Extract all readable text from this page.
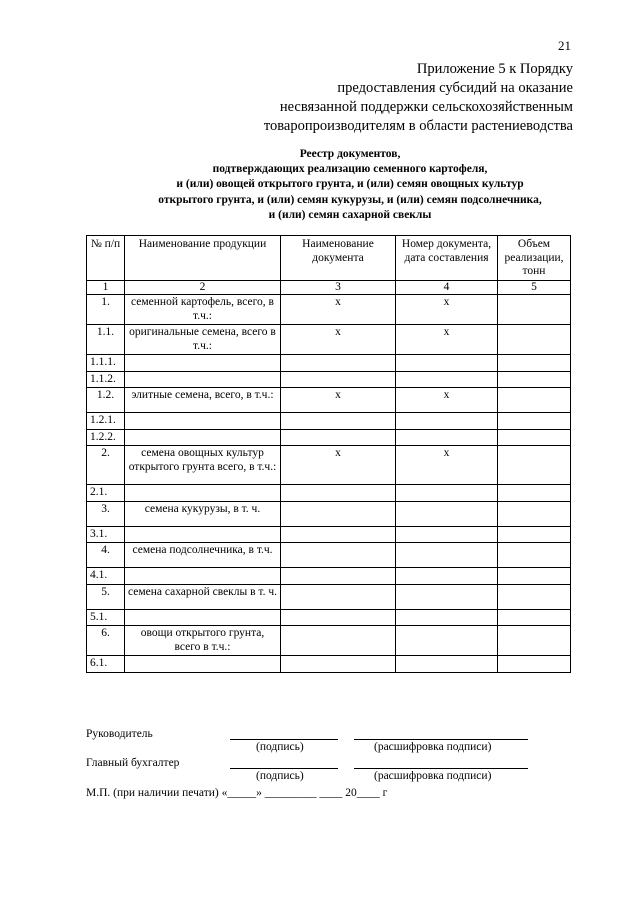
21
Приложение 5 к Порядку
предоставления субсидий на оказание
несвязанной поддержки сельскохозяйственным
товаропроизводителям в области растениеводства
Реестр документов,
подтверждающих реализацию семенного картофеля,
и (или) овощей открытого грунта, и (или) семян овощных культур
открытого грунта, и (или) семян кукурузы, и (или) семян подсолнечника,
и (или) семян сахарной свеклы
№ п/п	Наименование продукции	Наименование документа	Номер документа, дата составления	Объем реализации, тонн
1	2	3	4	5
1.	семенной картофель, всего, в т.ч.:	х	х	
1.1.	оригинальные семена, всего в т.ч.:	х	х	
1.1.1.				
1.1.2.				
1.2.	элитные семена, всего, в т.ч.:	х	х	
1.2.1.				
1.2.2.				
2.	семена овощных культур открытого грунта всего, в т.ч.:	х	х	
2.1.				
3.	семена кукурузы, в т. ч.			
3.1.				
4.	семена подсолнечника, в т.ч.			
4.1.				
5.	семена сахарной свеклы в т. ч.			
5.1.				
6.	овощи открытого грунта, всего в т.ч.:			
6.1.				
Руководитель
(подпись)	(расшифровка подписи)
Главный бухгалтер
(подпись)	(расшифровка подписи)
М.П. (при наличии печати) «_____» _________ ____ 20____ г
